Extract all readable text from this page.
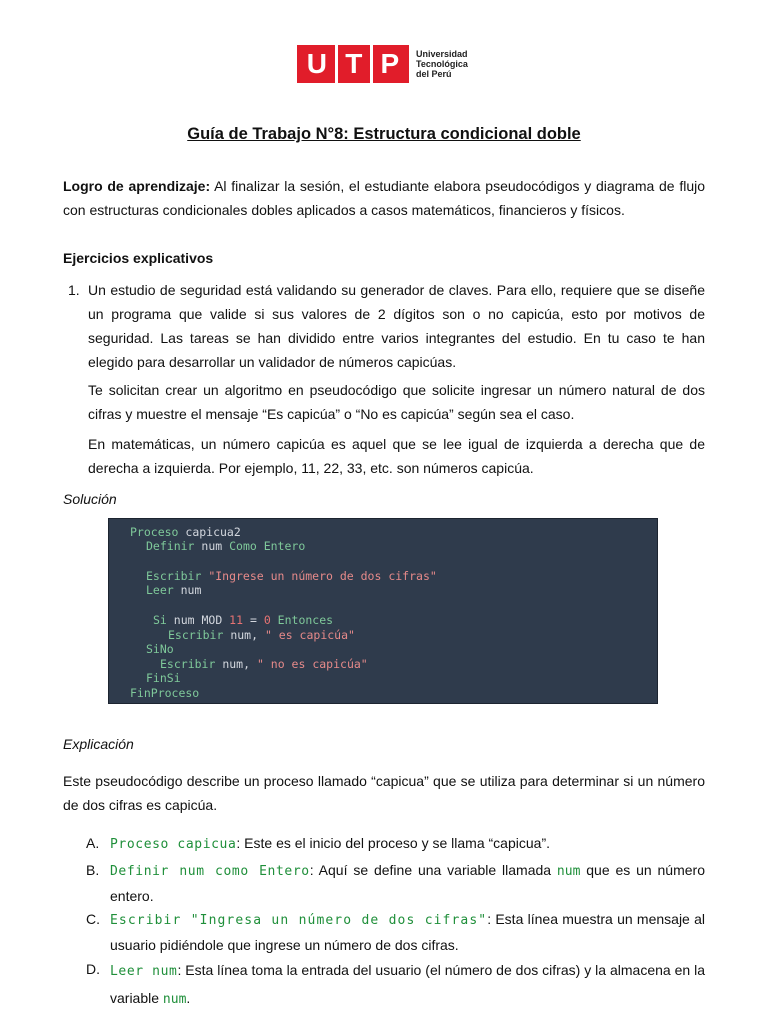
U T P Universidad
Tecnológica
del Perú
Guía de Trabajo N°8: Estructura condicional doble
Logro de aprendizaje: Al finalizar la sesión, el estudiante elabora pseudocódigos y diagrama de flujo con estructuras condicionales dobles aplicados a casos matemáticos, financieros y físicos.
Ejercicios explicativos
1. Un estudio de seguridad está validando su generador de claves. Para ello, requiere que se diseñe un programa que valide si sus valores de 2 dígitos son o no capicúa, esto por motivos de seguridad. Las tareas se han dividido entre varios integrantes del estudio. En tu caso te han elegido para desarrollar un validador de números capicúas.
Te solicitan crear un algoritmo en pseudocódigo que solicite ingresar un número natural de dos cifras y muestre el mensaje “Es capicúa” o “No es capicúa” según sea el caso.
En matemáticas, un número capicúa es aquel que se lee igual de izquierda a derecha que de derecha a izquierda. Por ejemplo, 11, 22, 33, etc. son números capicúa.
Solución
Proceso capicua2
Definir num Como Entero
Escribir "Ingrese un número de dos cifras"
Leer num
Si num MOD 11 = 0 Entonces
Escribir num, " es capicúa"
SiNo
Escribir num, " no es capicúa"
FinSi
FinProceso
Explicación
Este pseudocódigo describe un proceso llamado “capicua” que se utiliza para determinar si un número de dos cifras es capicúa.
A. Proceso capicua: Este es el inicio del proceso y se llama “capicua”.
B. Definir num como Entero: Aquí se define una variable llamada num que es un número entero.
C. Escribir "Ingresa un número de dos cifras": Esta línea muestra un mensaje al usuario pidiéndole que ingrese un número de dos cifras.
D. Leer num: Esta línea toma la entrada del usuario (el número de dos cifras) y la almacena en la variable num.
